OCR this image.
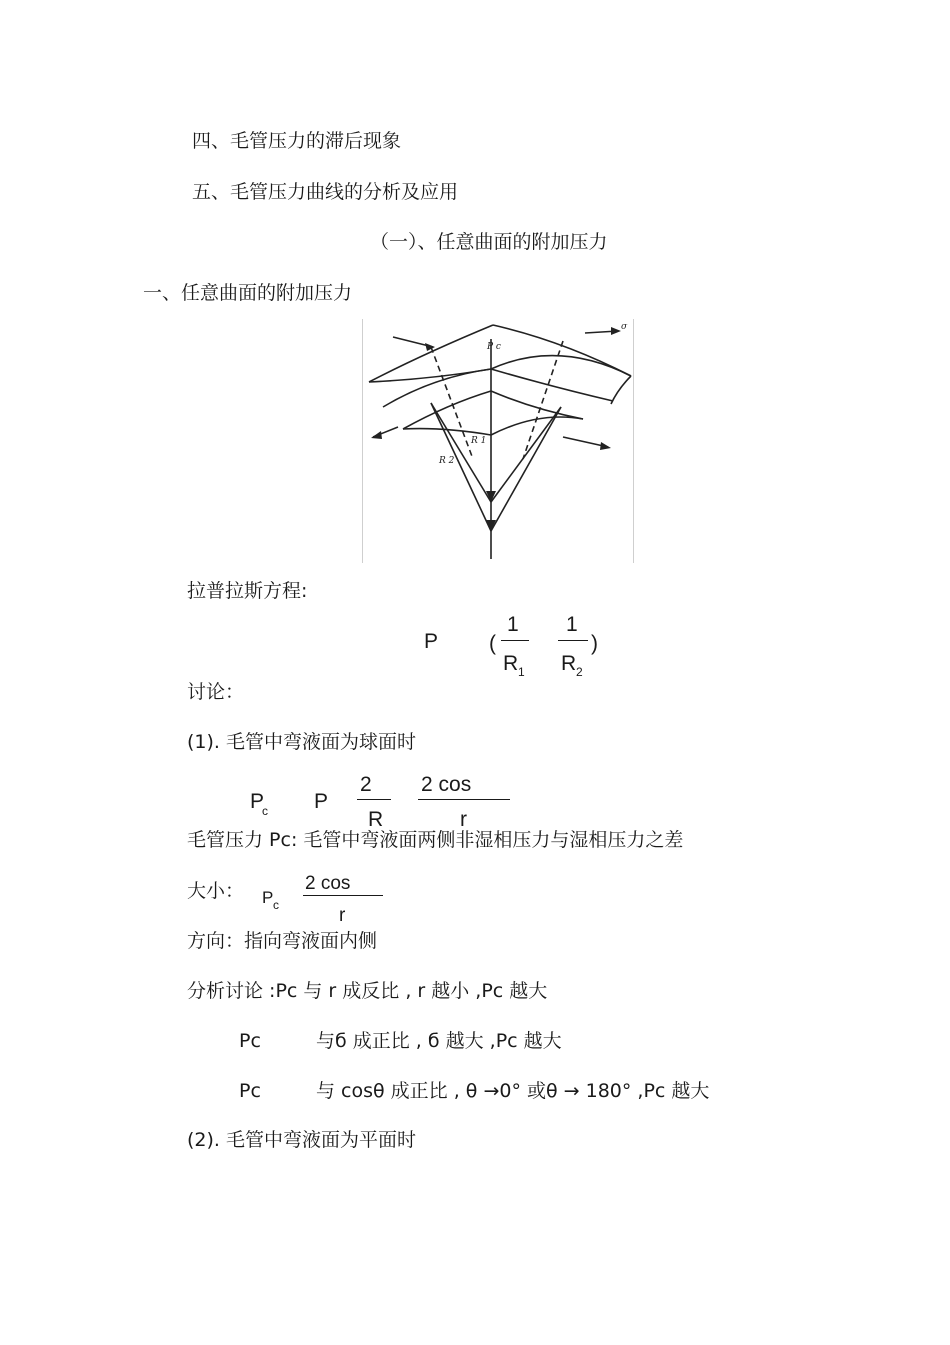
四、毛管压力的滞后现象
五、毛管压力曲线的分析及应用
（一）、任意曲面的附加压力
一、任意曲面的附加压力
P c
R 1
R 2
σ
拉普拉斯方程:
P (
1
R 1
1
R 2
)
讨论：
(1). 毛管中弯液面为球面时
P
c P
2
R
2 cos
r
毛管压力 Pc: 毛管中弯液面两侧非湿相压力与湿相压力之差
大小： P c
2 cos
r
方向：指向弯液面内侧
分析讨论 :Pc 与 r 成反比 , r 越小 ,Pc 越大
Pc	与б 成正比 , б 越大 ,Pc 越大
Pc	与 cosθ 成正比 , θ →0° 或θ → 180° ,Pc 越大
(2). 毛管中弯液面为平面时
